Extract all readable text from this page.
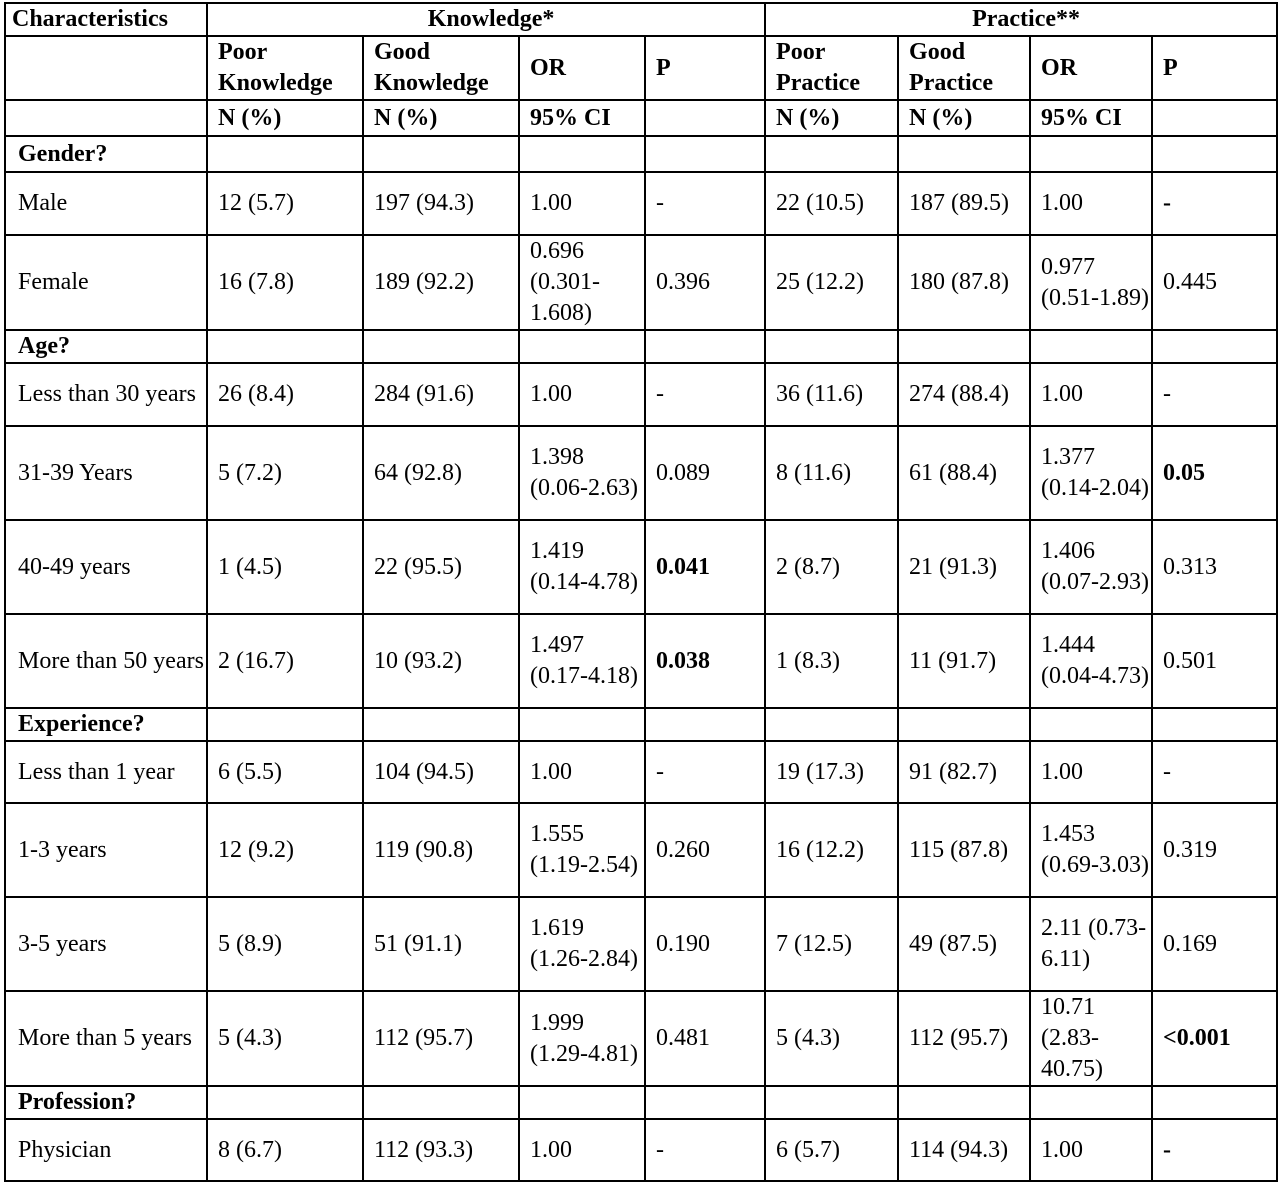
Characteristics	Knowledge*				Practice**			
	Poor Knowledge	Good Knowledge	OR	P	Poor Practice	Good Practice	OR	P
	N (%)	N (%)	95% CI		N (%)	N (%)	95% CI	
Gender?								
Male	12 (5.7)	197 (94.3)	1.00	-	22 (10.5)	187 (89.5)	1.00	-
Female	16 (7.8)	189 (92.2)	0.696 (0.301-1.608)	0.396	25 (12.2)	180 (87.8)	0.977 (0.51-1.89)	0.445
Age?								
Less than 30 years	26 (8.4)	284 (91.6)	1.00	-	36 (11.6)	274 (88.4)	1.00	-
31-39 Years	5 (7.2)	64 (92.8)	1.398 (0.06-2.63)	0.089	8 (11.6)	61 (88.4)	1.377 (0.14-2.04)	0.05
40-49 years	1 (4.5)	22 (95.5)	1.419 (0.14-4.78)	0.041	2 (8.7)	21 (91.3)	1.406 (0.07-2.93)	0.313
More than 50 years	2 (16.7)	10 (93.2)	1.497 (0.17-4.18)	0.038	1 (8.3)	11 (91.7)	1.444 (0.04-4.73)	0.501
Experience?								
Less than 1 year	6 (5.5)	104 (94.5)	1.00	-	19 (17.3)	91 (82.7)	1.00	-
1-3 years	12 (9.2)	119 (90.8)	1.555 (1.19-2.54)	0.260	16 (12.2)	115 (87.8)	1.453 (0.69-3.03)	0.319
3-5 years	5 (8.9)	51 (91.1)	1.619 (1.26-2.84)	0.190	7 (12.5)	49 (87.5)	2.11 (0.73-6.11)	0.169
More than 5 years	5 (4.3)	112 (95.7)	1.999 (1.29-4.81)	0.481	5 (4.3)	112 (95.7)	10.71 (2.83-40.75)	<0.001
Profession?								
Physician	8 (6.7)	112 (93.3)	1.00	-	6 (5.7)	114 (94.3)	1.00	-
